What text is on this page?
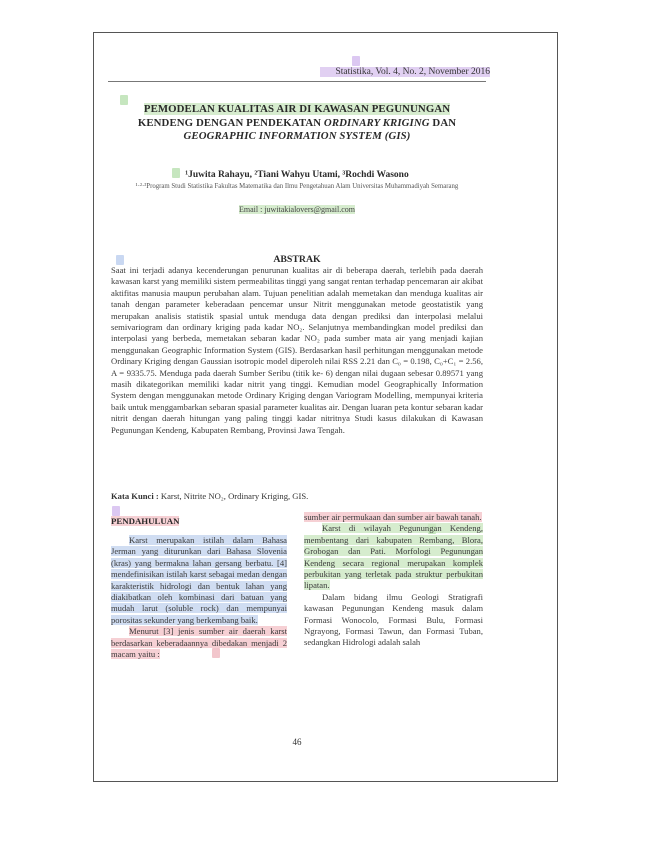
Statistika, Vol. 4, No. 2, November 2016
PEMODELAN KUALITAS AIR DI KAWASAN PEGUNUNGAN
KENDENG DENGAN PENDEKATAN ORDINARY KRIGING DAN
GEOGRAPHIC INFORMATION SYSTEM (GIS)
¹Juwita Rahayu, ²Tiani Wahyu Utami, ³Rochdi Wasono
¹·²·³Program Studi Statistika Fakultas Matematika dan Ilmu Pengetahuan Alam Universitas Muhammadiyah Semarang
Email : juwitakialovers@gmail.com
ABSTRAK
Saat ini terjadi adanya kecenderungan penurunan kualitas air di beberapa daerah, terlebih pada daerah kawasan karst yang memiliki sistem permeabilitas tinggi yang sangat rentan terhadap pencemaran air akibat aktifitas manusia maupun perubahan alam. Tujuan penelitian adalah memetakan dan menduga kualitas air tanah dengan parameter keberadaan pencemar unsur Nitrit menggunakan metode geostatistik yang merupakan analisis statistik spasial untuk menduga data dengan prediksi dan interpolasi melalui semivariogram dan ordinary kriging pada kadar NO₂. Selanjutnya membandingkan model prediksi dan interpolasi yang berbeda, memetakan sebaran kadar NO₂ pada sumber mata air yang menjadi kajian menggunakan Geographic Information System (GIS). Berdasarkan hasil perhitungan menggunakan metode Ordinary Kriging dengan Gaussian isotropic model diperoleh nilai RSS 2.21 dan C₀ = 0.198, C₀+C₁ = 2.56, A = 9335.75. Menduga pada daerah Sumber Seribu (titik ke- 6) dengan nilai dugaan sebesar 0.89571 yang masih dikategorikan memiliki kadar nitrit yang tinggi. Kemudian model Geographically Information System dengan menggunakan metode Ordinary Kriging dengan Variogram Modelling, mempunyai kriteria baik untuk menggambarkan sebaran spasial parameter kualitas air. Dengan luaran peta kontur sebaran kadar nitrit dengan daerah hitungan yang paling tinggi kadar nitritnya Studi kasus dilakukan di Kawasan Pegunungan Kendeng, Kabupaten Rembang, Provinsi Jawa Tengah.
Kata Kunci : Karst, Nitrite NO₂, Ordinary Kriging, GIS.
PENDAHULUAN

Karst merupakan istilah dalam Bahasa Jerman yang diturunkan dari Bahasa Slovenia (kras) yang bermakna lahan gersang berbatu. [4] mendefinisikan istilah karst sebagai medan dengan karakteristik hidrologi dan bentuk lahan yang diakibatkan oleh kombinasi dari batuan yang mudah larut (soluble rock) dan mempunyai porositas sekunder yang berkembang baik.

Menurut [3] jenis sumber air daerah karst berdasarkan keberadaannya dibedakan menjadi 2 macam yaitu :

sumber air permukaan dan sumber air bawah tanah.

Karst di wilayah Pegunungan Kendeng, membentang dari kabupaten Rembang, Blora, Grobogan dan Pati. Morfologi Pegunungan Kendeng secara regional merupakan komplek perbukitan yang terletak pada struktur perbukitan lipatan.

Dalam bidang ilmu Geologi Stratigrafi kawasan Pegunungan Kendeng masuk dalam Formasi Wonocolo, Formasi Bulu, Formasi Ngrayong, Formasi Tawun, dan Formasi Tuban, sedangkan Hidrologi adalah salah

46
